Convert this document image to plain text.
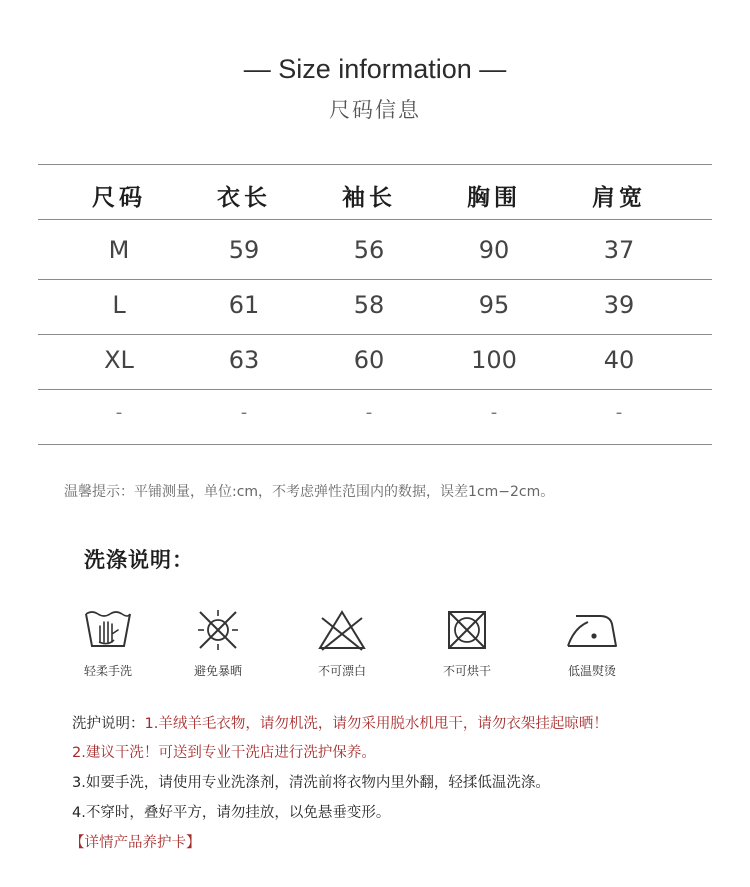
— Size information —
尺码信息
尺码	衣长	袖长	胸围	肩宽
M	59	56	90	37
L	61	58	95	39
XL	63	60	100	40
-	-	-	-	-
温馨提示：平铺测量，单位:cm，不考虑弹性范围内的数据，误差1cm−2cm。
洗涤说明：
轻柔手洗	避免暴晒	不可漂白	不可烘干	低温熨烫
洗护说明：1.羊绒羊毛衣物，请勿机洗，请勿采用脱水机甩干，请勿衣架挂起晾晒！
2.建议干洗！可送到专业干洗店进行洗护保养。
3.如要手洗，请使用专业洗涤剂，清洗前将衣物内里外翻，轻揉低温洗涤。
4.不穿时，叠好平方，请勿挂放，以免悬垂变形。
【详情产品养护卡】
